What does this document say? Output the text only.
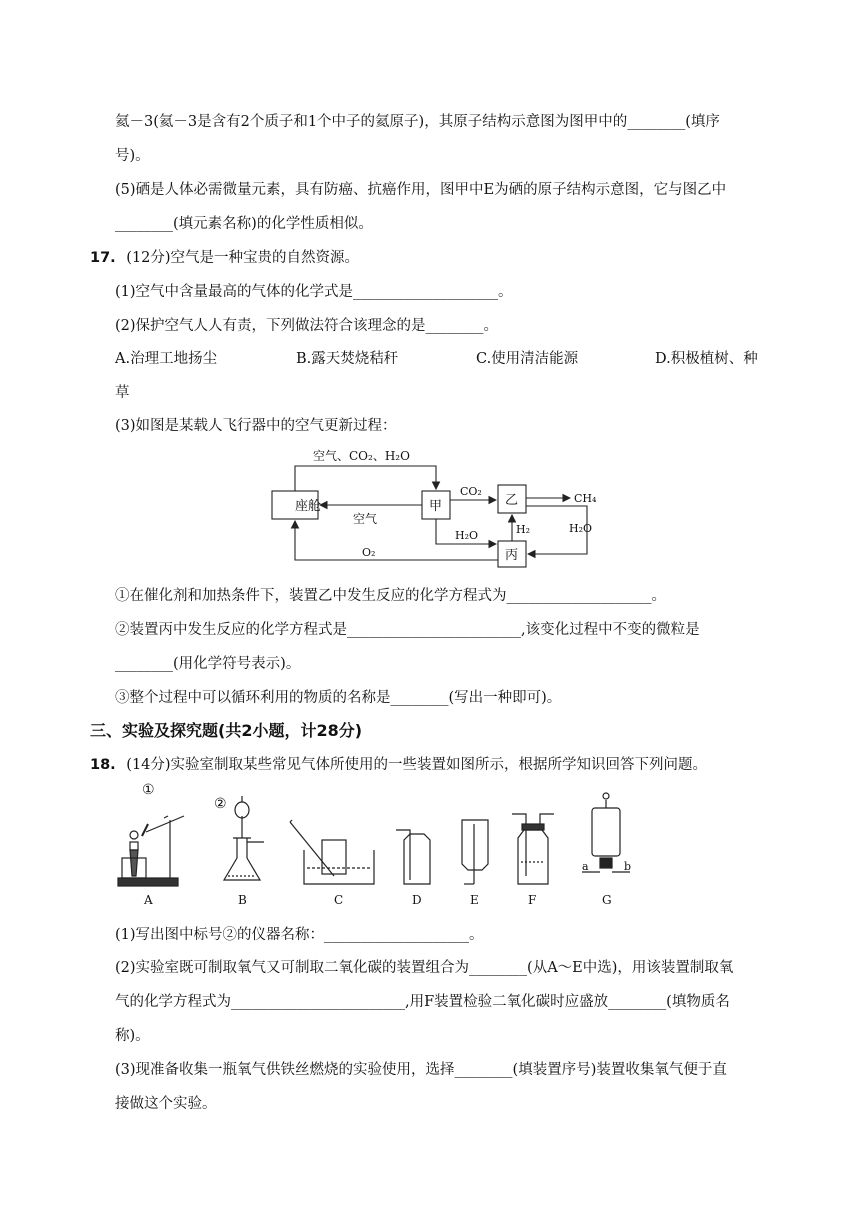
氦－3(氦－3是含有2个质子和1个中子的氦原子)，其原子结构示意图为图甲中的________(填序
号)。
(5)硒是人体必需微量元素，具有防癌、抗癌作用，图甲中E为硒的原子结构示意图，它与图乙中
________(填元素名称)的化学性质相似。
17. (12分)空气是一种宝贵的自然资源。
(1)空气中含量最高的气体的化学式是____________________。
(2)保护空气人人有责，下列做法符合该理念的是________。
A.治理工地扬尘	B.露天焚烧秸秆	C.使用清洁能源	D.积极植树、种
草
(3)如图是某载人飞行器中的空气更新过程：
座舱	甲	乙
丙
空气、CO₂、H₂O
空气
CO₂
CH₄
H₂
H₂O
H₂O
O₂
①在催化剂和加热条件下，装置乙中发生反应的化学方程式为____________________。
②装置丙中发生反应的化学方程式是________________________,该变化过程中不变的微粒是
________(用化学符号表示)。
③整个过程中可以循环利用的物质的名称是________(写出一种即可)。
三、实验及探究题(共2小题，计28分)
18. (14分)实验室制取某些常见气体所使用的一些装置如图所示，根据所学知识回答下列问题。
①
②
a	b
A	B	C	D	E	F	G
(1)写出图中标号②的仪器名称：____________________。
(2)实验室既可制取氧气又可制取二氧化碳的装置组合为________(从A～E中选)，用该装置制取氧
气的化学方程式为________________________,用F装置检验二氧化碳时应盛放________(填物质名
称)。
(3)现准备收集一瓶氧气供铁丝燃烧的实验使用，选择________(填装置序号)装置收集氧气便于直
接做这个实验。
